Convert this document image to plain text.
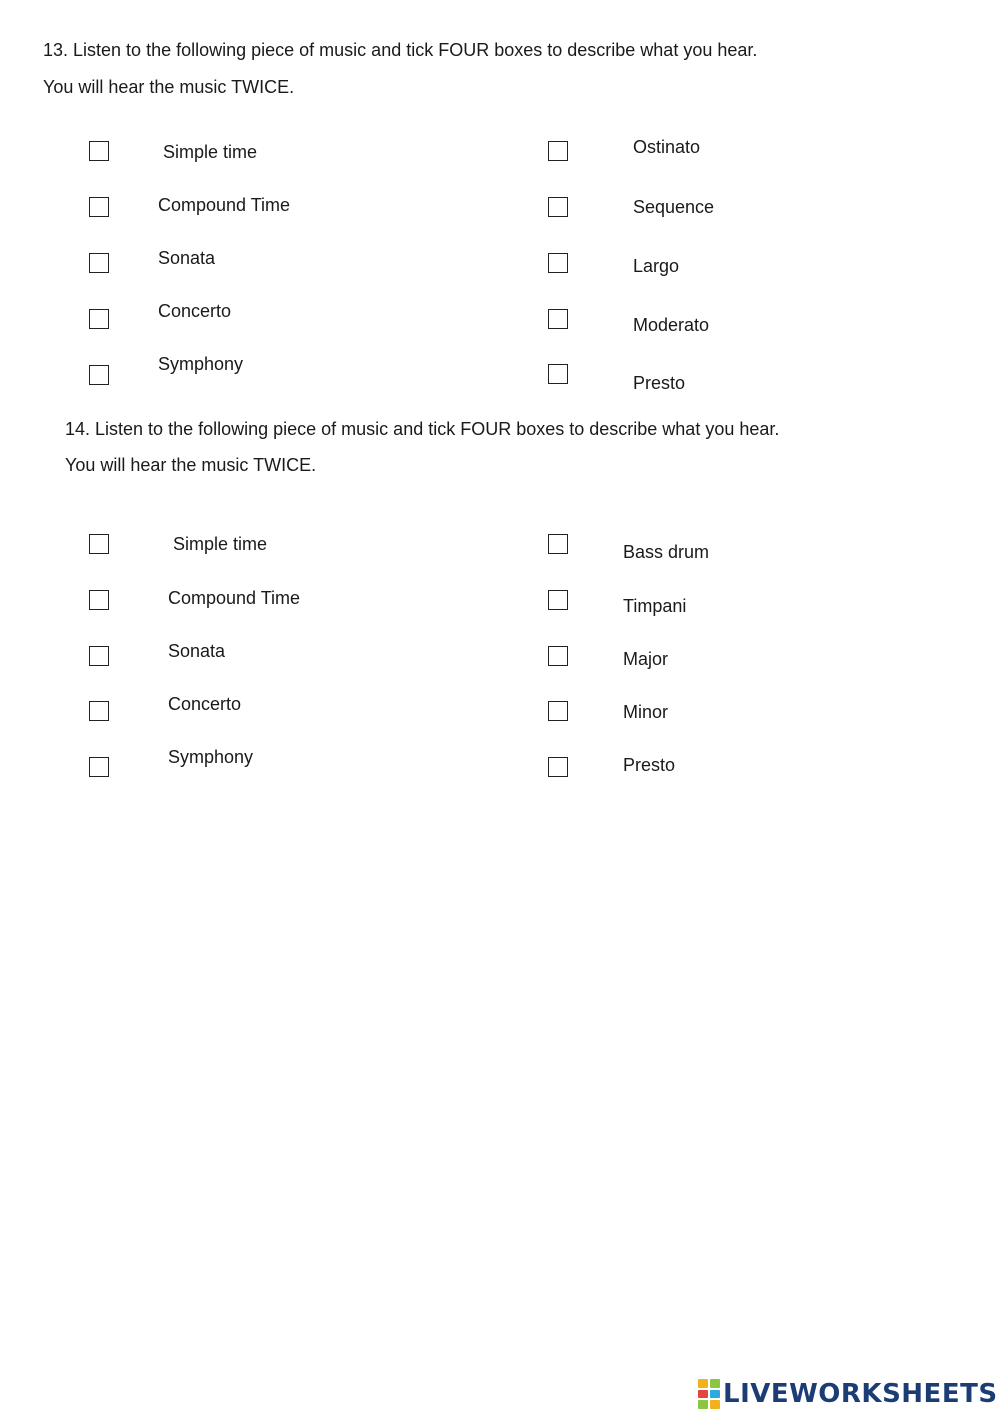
13. Listen to the following piece of music and tick FOUR boxes to describe what you hear.
You will hear the music TWICE.
Simple time
Compound Time
Sonata
Concerto
Symphony
Ostinato
Sequence
Largo
Moderato
Presto
14. Listen to the following piece of music and tick FOUR boxes to describe what you hear.
You will hear the music TWICE.
Simple time
Compound Time
Sonata
Concerto
Symphony
Bass drum
Timpani
Major
Minor
Presto
LIVEWORKSHEETS
